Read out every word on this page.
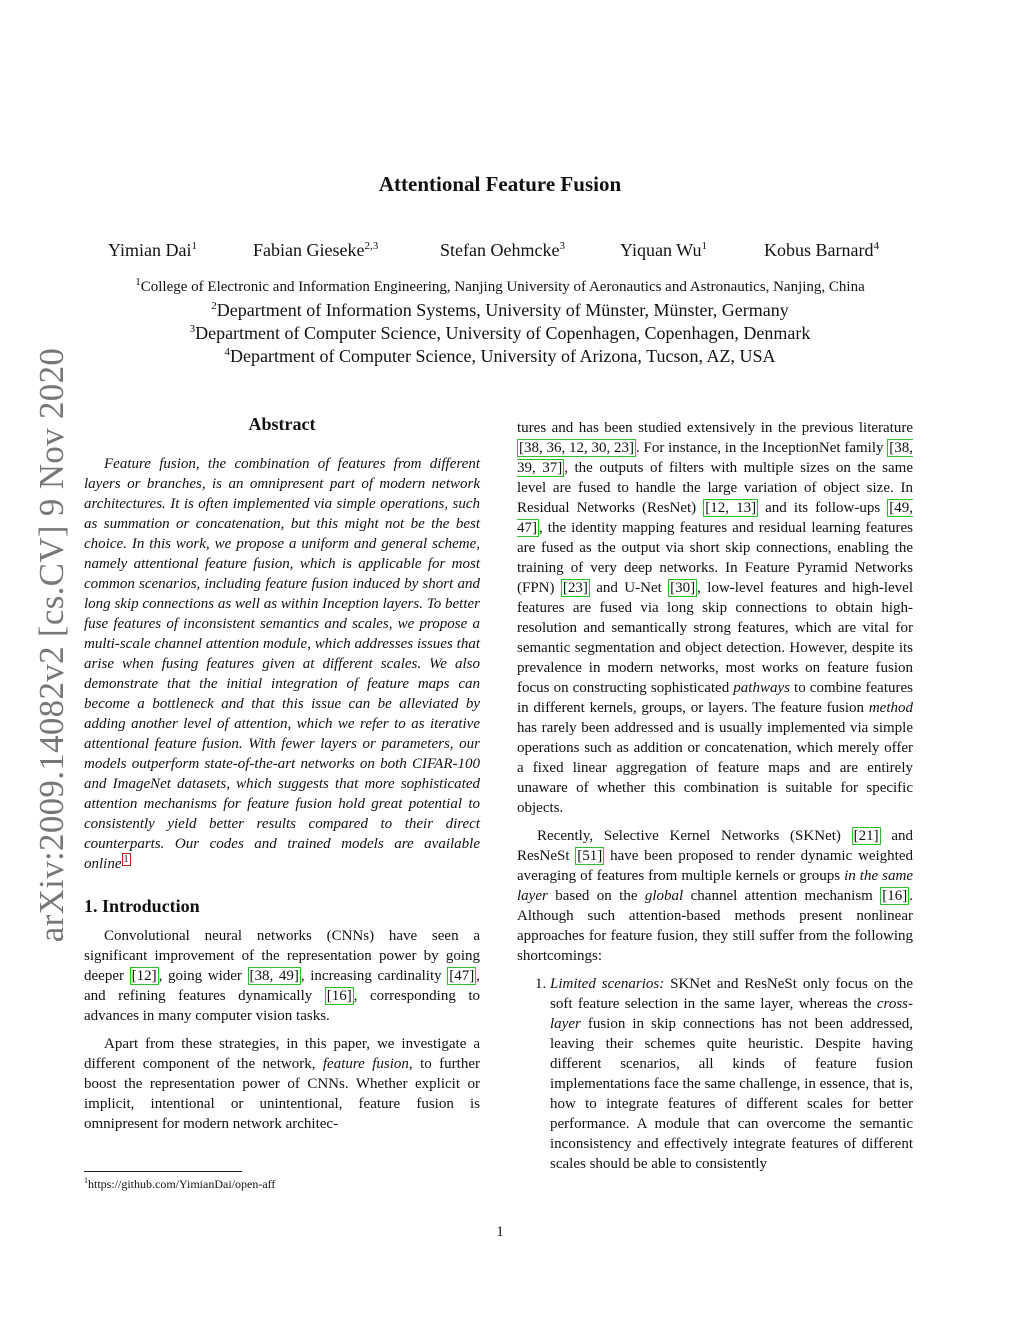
Attentional Feature Fusion
Yimian Dai$^1$	Fabian Gieseke$^{2,3}$	Stefan Oehmcke$^3$	Yiquan Wu$^1$	Kobus Barnard$^4$
$^1$College of Electronic and Information Engineering, Nanjing University of Aeronautics and Astronautics, Nanjing, China
$^2$Department of Information Systems, University of Münster, Münster, Germany
$^3$Department of Computer Science, University of Copenhagen, Copenhagen, Denmark
$^4$Department of Computer Science, University of Arizona, Tucson, AZ, USA
arXiv:2009.14082v2 [cs.CV] 9 Nov 2020	Abstract

Feature fusion, the combination of features from different layers or branches, is an omnipresent part of modern network architectures. It is often implemented via simple operations, such as summation or concatenation, but this might not be the best choice. In this work, we propose a uniform and general scheme, namely attentional feature fusion, which is applicable for most common scenarios, including feature fusion induced by short and long skip connections as well as within Inception layers. To better fuse features of inconsistent semantics and scales, we propose a multi-scale channel attention module, which addresses issues that arise when fusing features given at different scales. We also demonstrate that the initial integration of feature maps can become a bottleneck and that this issue can be alleviated by adding another level of attention, which we refer to as iterative attentional feature fusion. With fewer layers or parameters, our models outperform state-of-the-art networks on both CIFAR-100 and ImageNet datasets, which suggests that more sophisticated attention mechanisms for feature fusion hold great potential to consistently yield better results compared to their direct counterparts. Our codes and trained models are available online $^1$

1. Introduction

Convolutional neural networks (CNNs) have seen a significant improvement of the representation power by going deeper [12] , going wider [38, 49] , increasing cardinality [47] , and refining features dynamically [16] , corresponding to advances in many computer vision tasks.

Apart from these strategies, in this paper, we investigate a different component of the network, feature fusion, to further boost the representation power of CNNs. Whether explicit or implicit, intentional or unintentional, feature fusion is omnipresent for modern network architec-

tures and has been studied extensively in the previous literature [38, 36, 12, 30, 23] . For instance, in the InceptionNet family [38, 39, 37] , the outputs of filters with multiple sizes on the same level are fused to handle the large variation of object size. In Residual Networks (ResNet) [12, 13] and its follow-ups [49, 47] , the identity mapping features and residual learning features are fused as the output via short skip connections, enabling the training of very deep networks. In Feature Pyramid Networks (FPN) [23] and U-Net [30] , low-level features and high-level features are fused via long skip connections to obtain high-resolution and semantically strong features, which are vital for semantic segmentation and object detection. However, despite its prevalence in modern networks, most works on feature fusion focus on constructing sophisticated pathways to combine features in different kernels, groups, or layers. The feature fusion method has rarely been addressed and is usually implemented via simple operations such as addition or concatenation, which merely offer a fixed linear aggregation of feature maps and are entirely unaware of whether this combination is suitable for specific objects.

Recently, Selective Kernel Networks (SKNet) [21] and ResNeSt [51] have been proposed to render dynamic weighted averaging of features from multiple kernels or groups in the same layer based on the global channel attention mechanism [16] . Although such attention-based methods present nonlinear approaches for feature fusion, they still suffer from the following shortcomings:

1. Limited scenarios: SKNet and ResNeSt only focus on the soft feature selection in the same layer, whereas the cross-layer fusion in skip connections has not been addressed, leaving their schemes quite heuristic. Despite having different scenarios, all kinds of feature fusion implementations face the same challenge, in essence, that is, how to integrate features of different scales for better performance. A module that can overcome the semantic inconsistency and effectively integrate features of different scales should be able to consistently
$^1$https://github.com/YimianDai/open-aff
1
